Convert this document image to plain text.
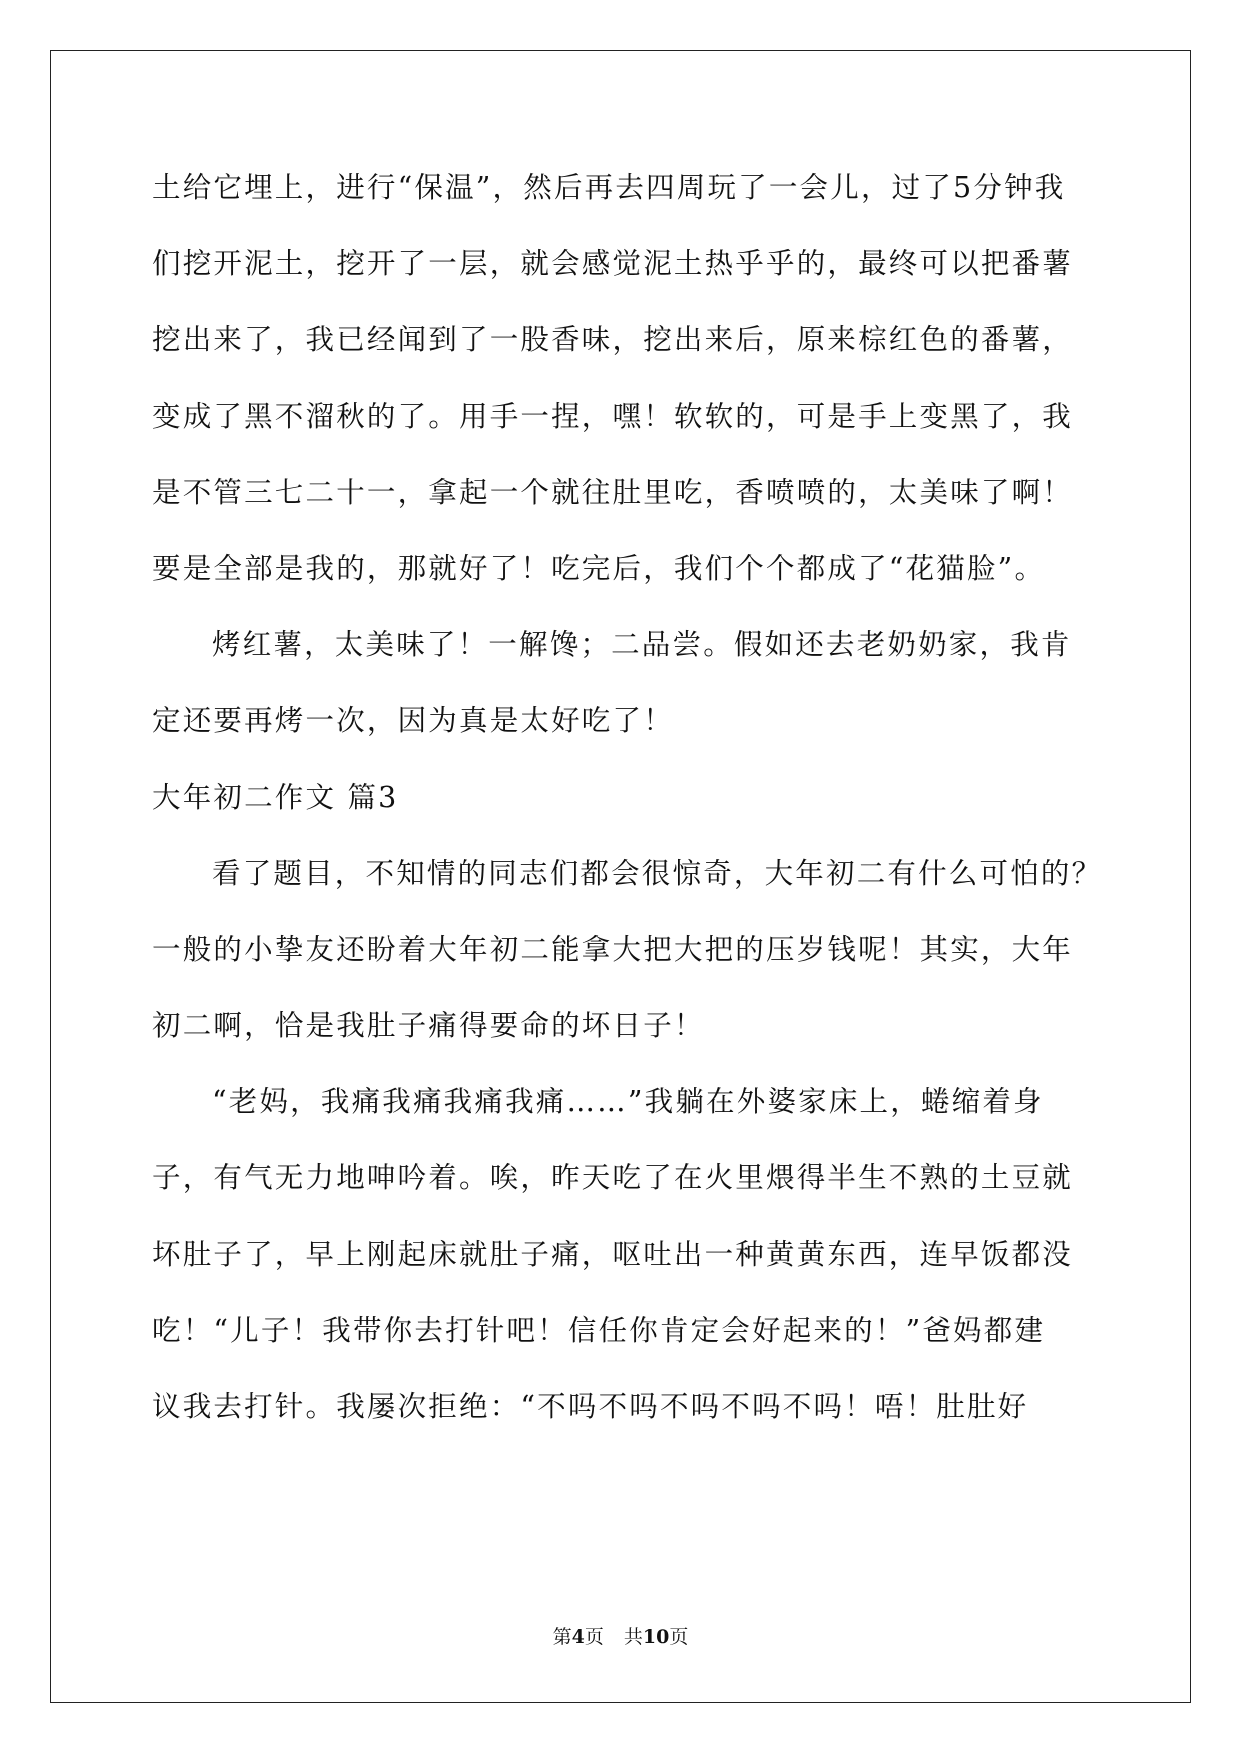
土给它埋上，进行“保温”，然后再去四周玩了一会儿，过了5分钟我
们挖开泥土，挖开了一层，就会感觉泥土热乎乎的，最终可以把番薯
挖出来了，我已经闻到了一股香味，挖出来后，原来棕红色的番薯，
变成了黑不溜秋的了。用手一捏，嘿！软软的，可是手上变黑了，我
是不管三七二十一，拿起一个就往肚里吃，香喷喷的，太美味了啊！
要是全部是我的，那就好了！吃完后，我们个个都成了“花猫脸”。
烤红薯，太美味了！一解馋；二品尝。假如还去老奶奶家，我肯
定还要再烤一次，因为真是太好吃了！
大年初二作文 篇3
看了题目，不知情的同志们都会很惊奇，大年初二有什么可怕的？
一般的小挚友还盼着大年初二能拿大把大把的压岁钱呢！其实，大年
初二啊，恰是我肚子痛得要命的坏日子！
“老妈，我痛我痛我痛我痛……”我躺在外婆家床上，蜷缩着身
子，有气无力地呻吟着。唉，昨天吃了在火里煨得半生不熟的土豆就
坏肚子了，早上刚起床就肚子痛，呕吐出一种黄黄东西，连早饭都没
吃！“儿子！我带你去打针吧！信任你肯定会好起来的！”爸妈都建
议我去打针。我屡次拒绝：“不吗不吗不吗不吗不吗！唔！肚肚好
第4页 共10页
